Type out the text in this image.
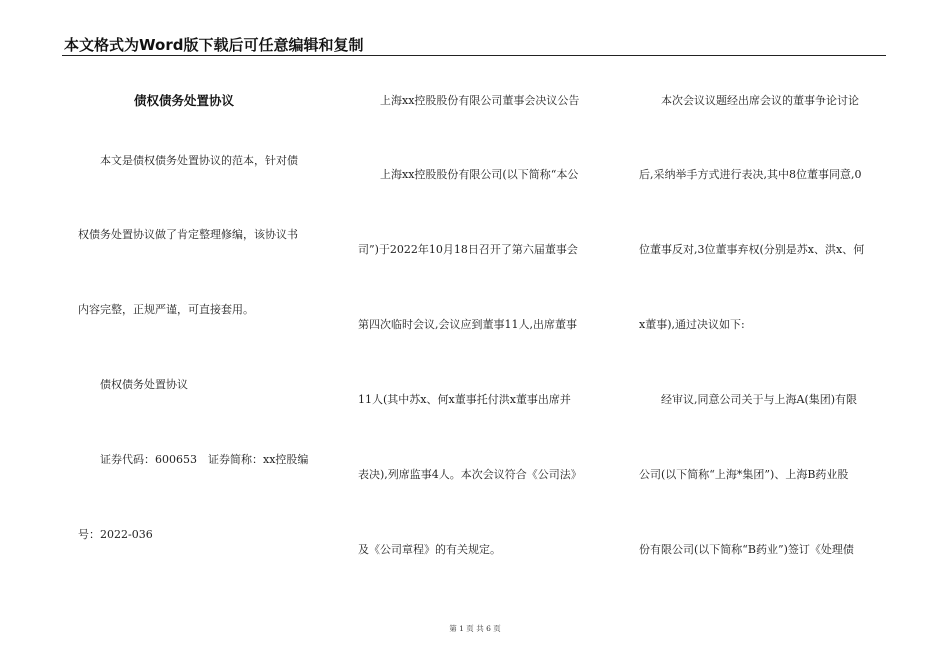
本文格式为Word版下载后可任意编辑和复制
债权债务处置协议
本文是债权债务处置协议的范本，针对债
权债务处置协议做了肯定整理修编，该协议书
内容完整，正规严谨，可直接套用。
债权债务处置协议
证券代码：600653　证券简称：xx控股编
号：2022-036
上海xx控股股份有限公司董事会决议公告
上海xx控股股份有限公司(以下简称“本公
司”)于2022年10月18日召开了第六届董事会
第四次临时会议,会议应到董事11人,出席董事
11人(其中苏x、何x董事托付洪x董事出席并
表决),列席监事4人。本次会议符合《公司法》
及《公司章程》的有关规定。
本次会议议题经出席会议的董事争论讨论
后,采纳举手方式进行表决,其中8位董事同意,0
位董事反对,3位董事弃权(分别是苏x、洪x、何
x董事),通过决议如下:
经审议,同意公司关于与上海A(集团)有限
公司(以下简称“上海*集团”)、上海B药业股
份有限公司(以下简称“B药业”)签订《处理债
第 1 页 共 6 页
